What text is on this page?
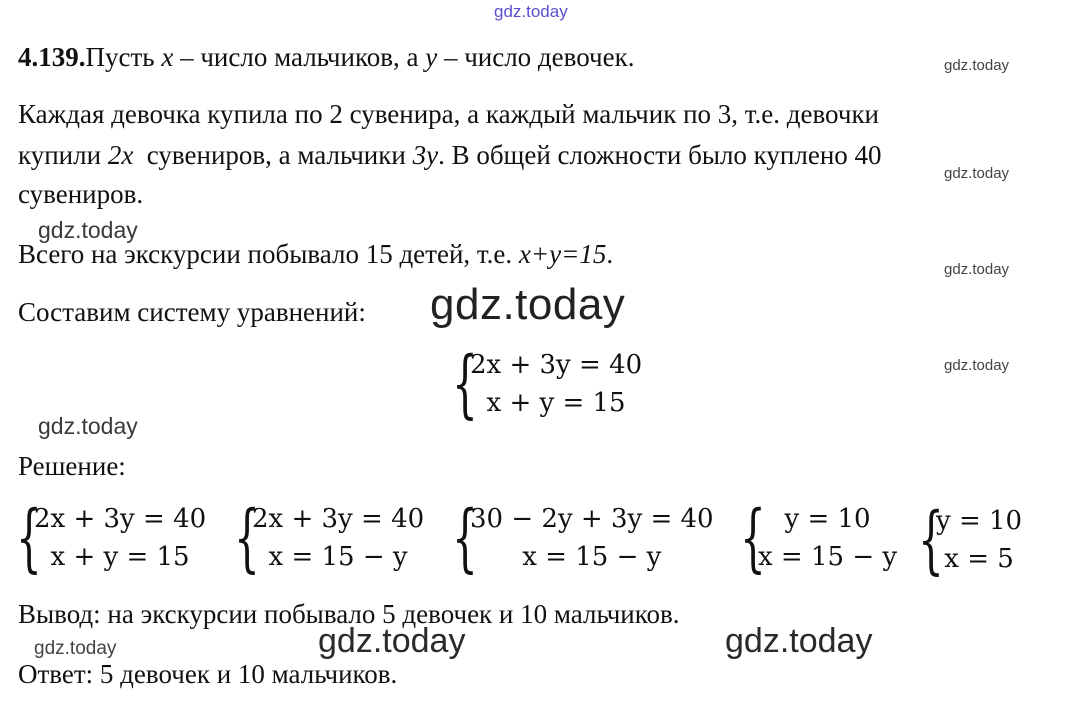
gdz.today
gdz.today
gdz.today
gdz.today
gdz.today
gdz.today
gdz.today
gdz.today
gdz.today
gdz.today	gdz.today
4.139.Пусть x – число мальчиков, а y – число девочек.
Каждая девочка купила по 2 сувенира, а каждый мальчик по 3, т.е. девочки
купили 2x  сувениров, а мальчики 3y. В общей сложности было куплено 40
сувениров.
Всего на экскурсии побывало 15 детей, т.е. x+y=15.
Составим систему уравнений:
{
2x + 3y = 40
x + y = 15
Решение:
{
2x + 3y = 40
x + y = 15 {
2x + 3y = 40
x = 15 − y {
30 − 2y + 3y = 40
x = 15 − y	{ y = 10
x = 15 − y {
y = 10
x = 5
Вывод: на экскурсии побывало 5 девочек и 10 мальчиков.
Ответ: 5 девочек и 10 мальчиков.
